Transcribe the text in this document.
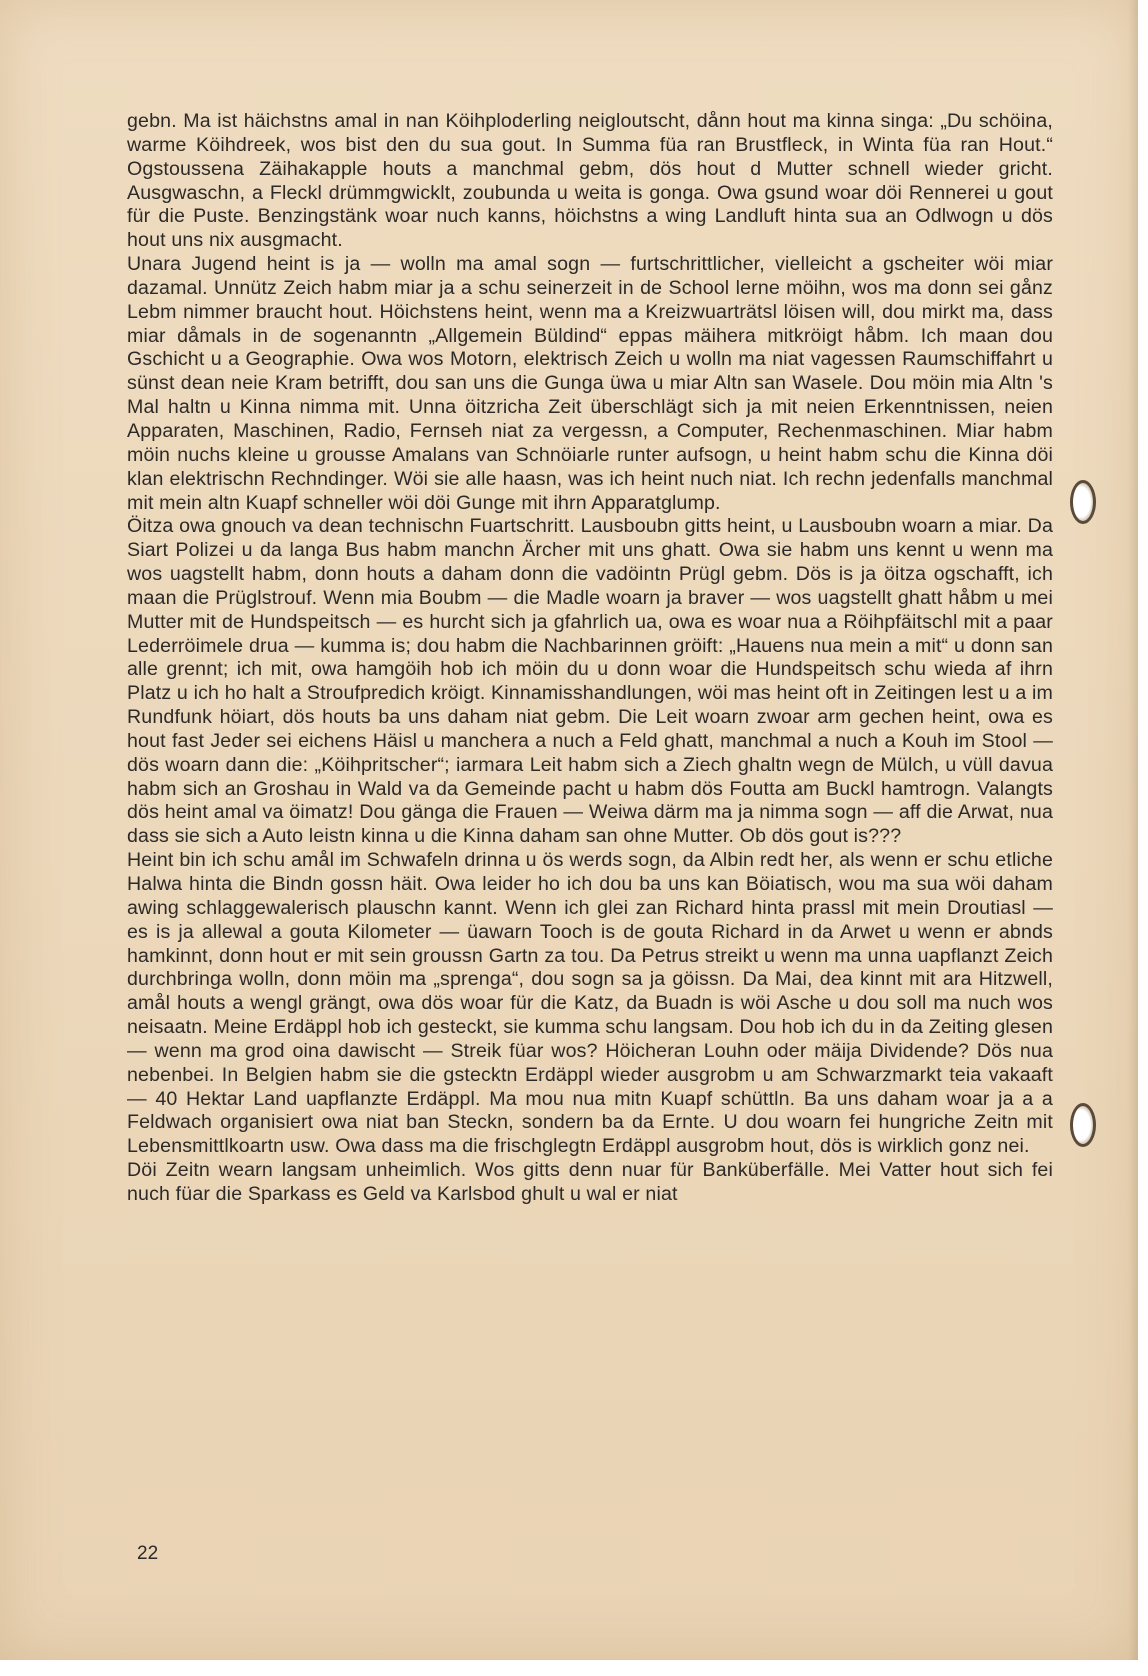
gebn. Ma ist häichstns amal in nan Köihploderling neigloutscht, dånn hout ma kinna singa: „Du schöina, warme Köihdreek, wos bist den du sua gout. In Summa füa ran Brustfleck, in Winta füa ran Hout.“ Ogstoussena Zäihakapple houts a manchmal gebm, dös hout d Mutter schnell wieder gricht. Ausgwaschn, a Fleckl drümmgwicklt, zoubunda u weita is gonga. Owa gsund woar döi Rennerei u gout für die Puste. Benzingstänk woar nuch kanns, höichstns a wing Landluft hinta sua an Odlwogn u dös hout uns nix ausgmacht.

Unara Jugend heint is ja — wolln ma amal sogn — furtschrittlicher, vielleicht a gscheiter wöi miar dazamal. Unnütz Zeich habm miar ja a schu seinerzeit in de School lerne möihn, wos ma donn sei gånz Lebm nimmer braucht hout. Höichstens heint, wenn ma a Kreizwuarträtsl löisen will, dou mirkt ma, dass miar dåmals in de sogenanntn „Allgemein Büldind“ eppas mäihera mitkröigt håbm. Ich maan dou Gschicht u a Geographie. Owa wos Motorn, elektrisch Zeich u wolln ma niat vagessen Raumschiffahrt u sünst dean neie Kram betrifft, dou san uns die Gunga üwa u miar Altn san Wasele. Dou möin mia Altn 's Mal haltn u Kinna nimma mit. Unna öitzricha Zeit überschlägt sich ja mit neien Erkenntnissen, neien Apparaten, Maschinen, Radio, Fernseh niat za vergessn, a Computer, Rechenmaschinen. Miar habm möin nuchs kleine u grousse Amalans van Schnöiarle runter aufsogn, u heint habm schu die Kinna döi klan elektrischn Rechndinger. Wöi sie alle haasn, was ich heint nuch niat. Ich rechn jedenfalls manchmal mit mein altn Kuapf schneller wöi döi Gunge mit ihrn Apparatglump.

Öitza owa gnouch va dean technischn Fuartschritt. Lausboubn gitts heint, u Lausboubn woarn a miar. Da Siart Polizei u da langa Bus habm manchn Ärcher mit uns ghatt. Owa sie habm uns kennt u wenn ma wos uagstellt habm, donn houts a daham donn die vadöintn Prügl gebm. Dös is ja öitza ogschafft, ich maan die Prüglstrouf. Wenn mia Boubm — die Madle woarn ja braver — wos uagstellt ghatt håbm u mei Mutter mit de Hundspeitsch — es hurcht sich ja gfahrlich ua, owa es woar nua a Röihpfäitschl mit a paar Lederröimele drua — kumma is; dou habm die Nachbarinnen gröift: „Hauens nua mein a mit“ u donn san alle grennt; ich mit, owa hamgöih hob ich möin du u donn woar die Hundspeitsch schu wieda af ihrn Platz u ich ho halt a Stroufpredich kröigt. Kinnamisshandlungen, wöi mas heint oft in Zeitingen lest u a im Rundfunk höiart, dös houts ba uns daham niat gebm. Die Leit woarn zwoar arm gechen heint, owa es hout fast Jeder sei eichens Häisl u manchera a nuch a Feld ghatt, manchmal a nuch a Kouh im Stool — dös woarn dann die: „Köihpritscher“; iarmara Leit habm sich a Ziech ghaltn wegn de Mülch, u vüll davua habm sich an Groshau in Wald va da Gemeinde pacht u habm dös Foutta am Buckl hamtrogn. Valangts dös heint amal va öimatz! Dou gänga die Frauen — Weiwa därm ma ja nimma sogn — aff die Arwat, nua dass sie sich a Auto leistn kinna u die Kinna daham san ohne Mutter. Ob dös gout is???

Heint bin ich schu amål im Schwafeln drinna u ös werds sogn, da Albin redt her, als wenn er schu etliche Halwa hinta die Bindn gossn häit. Owa leider ho ich dou ba uns kan Böiatisch, wou ma sua wöi daham awing schlaggewalerisch plauschn kannt. Wenn ich glei zan Richard hinta prassl mit mein Droutiasl — es is ja allewal a gouta Kilometer — üawarn Tooch is de gouta Richard in da Arwet u wenn er abnds hamkinnt, donn hout er mit sein groussn Gartn za tou. Da Petrus streikt u wenn ma unna uapflanzt Zeich durchbringa wolln, donn möin ma „sprenga“, dou sogn sa ja göissn. Da Mai, dea kinnt mit ara Hitzwell, amål houts a wengl grängt, owa dös woar für die Katz, da Buadn is wöi Asche u dou soll ma nuch wos neisaatn. Meine Erdäppl hob ich gesteckt, sie kumma schu langsam. Dou hob ich du in da Zeiting glesen — wenn ma grod oina dawischt — Streik füar wos? Höicheran Louhn oder mäija Dividende? Dös nua nebenbei. In Belgien habm sie die gstecktn Erdäppl wieder ausgrobm u am Schwarzmarkt teia vakaaft — 40 Hektar Land uapflanzte Erdäppl. Ma mou nua mitn Kuapf schüttln. Ba uns daham woar ja a a Feldwach organisiert owa niat ban Steckn, sondern ba da Ernte. U dou woarn fei hungriche Zeitn mit Lebensmittlkoartn usw. Owa dass ma die frischglegtn Erdäppl ausgrobm hout, dös is wirklich gonz nei.

Döi Zeitn wearn langsam unheimlich. Wos gitts denn nuar für Banküberfälle. Mei Vatter hout sich fei nuch füar die Sparkass es Geld va Karlsbod ghult u wal er niat

22
